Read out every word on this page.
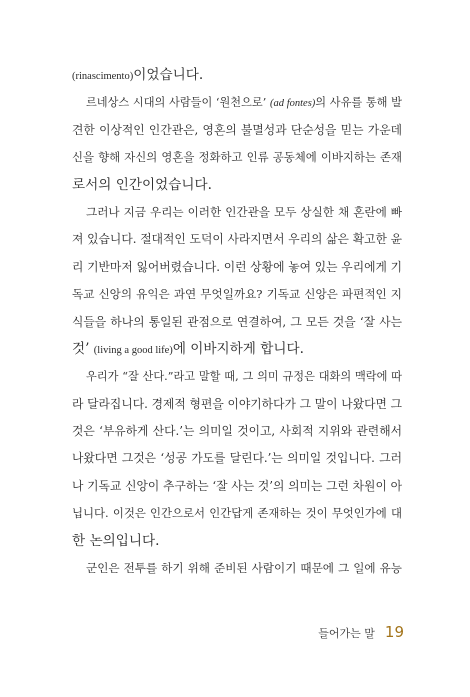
(rinascimento)이었습니다.
르네상스 시대의 사람들이 ‘원천으로’ (ad fontes)의 사유를 통해 발
견한 이상적인 인간관은, 영혼의 불멸성과 단순성을 믿는 가운데
신을 향해 자신의 영혼을 정화하고 인류 공동체에 이바지하는 존재
로서의 인간이었습니다.
그러나 지금 우리는 이러한 인간관을 모두 상실한 채 혼란에 빠
져 있습니다. 절대적인 도덕이 사라지면서 우리의 삶은 확고한 윤
리 기반마저 잃어버렸습니다. 이런 상황에 놓여 있는 우리에게 기
독교 신앙의 유익은 과연 무엇일까요? 기독교 신앙은 파편적인 지
식들을 하나의 통일된 관점으로 연결하여, 그 모든 것을 ‘잘 사는
것’ (living a good life)에 이바지하게 합니다.
우리가 “잘 산다.”라고 말할 때, 그 의미 규정은 대화의 맥락에 따
라 달라집니다. 경제적 형편을 이야기하다가 그 말이 나왔다면 그
것은 ‘부유하게 산다.’는 의미일 것이고, 사회적 지위와 관련해서
나왔다면 그것은 ‘성공 가도를 달린다.’는 의미일 것입니다. 그러
나 기독교 신앙이 추구하는 ‘잘 사는 것’의 의미는 그런 차원이 아
닙니다. 이것은 인간으로서 인간답게 존재하는 것이 무엇인가에 대
한 논의입니다.
군인은 전투를 하기 위해 준비된 사람이기 때문에 그 일에 유능
들어가는 말 19
